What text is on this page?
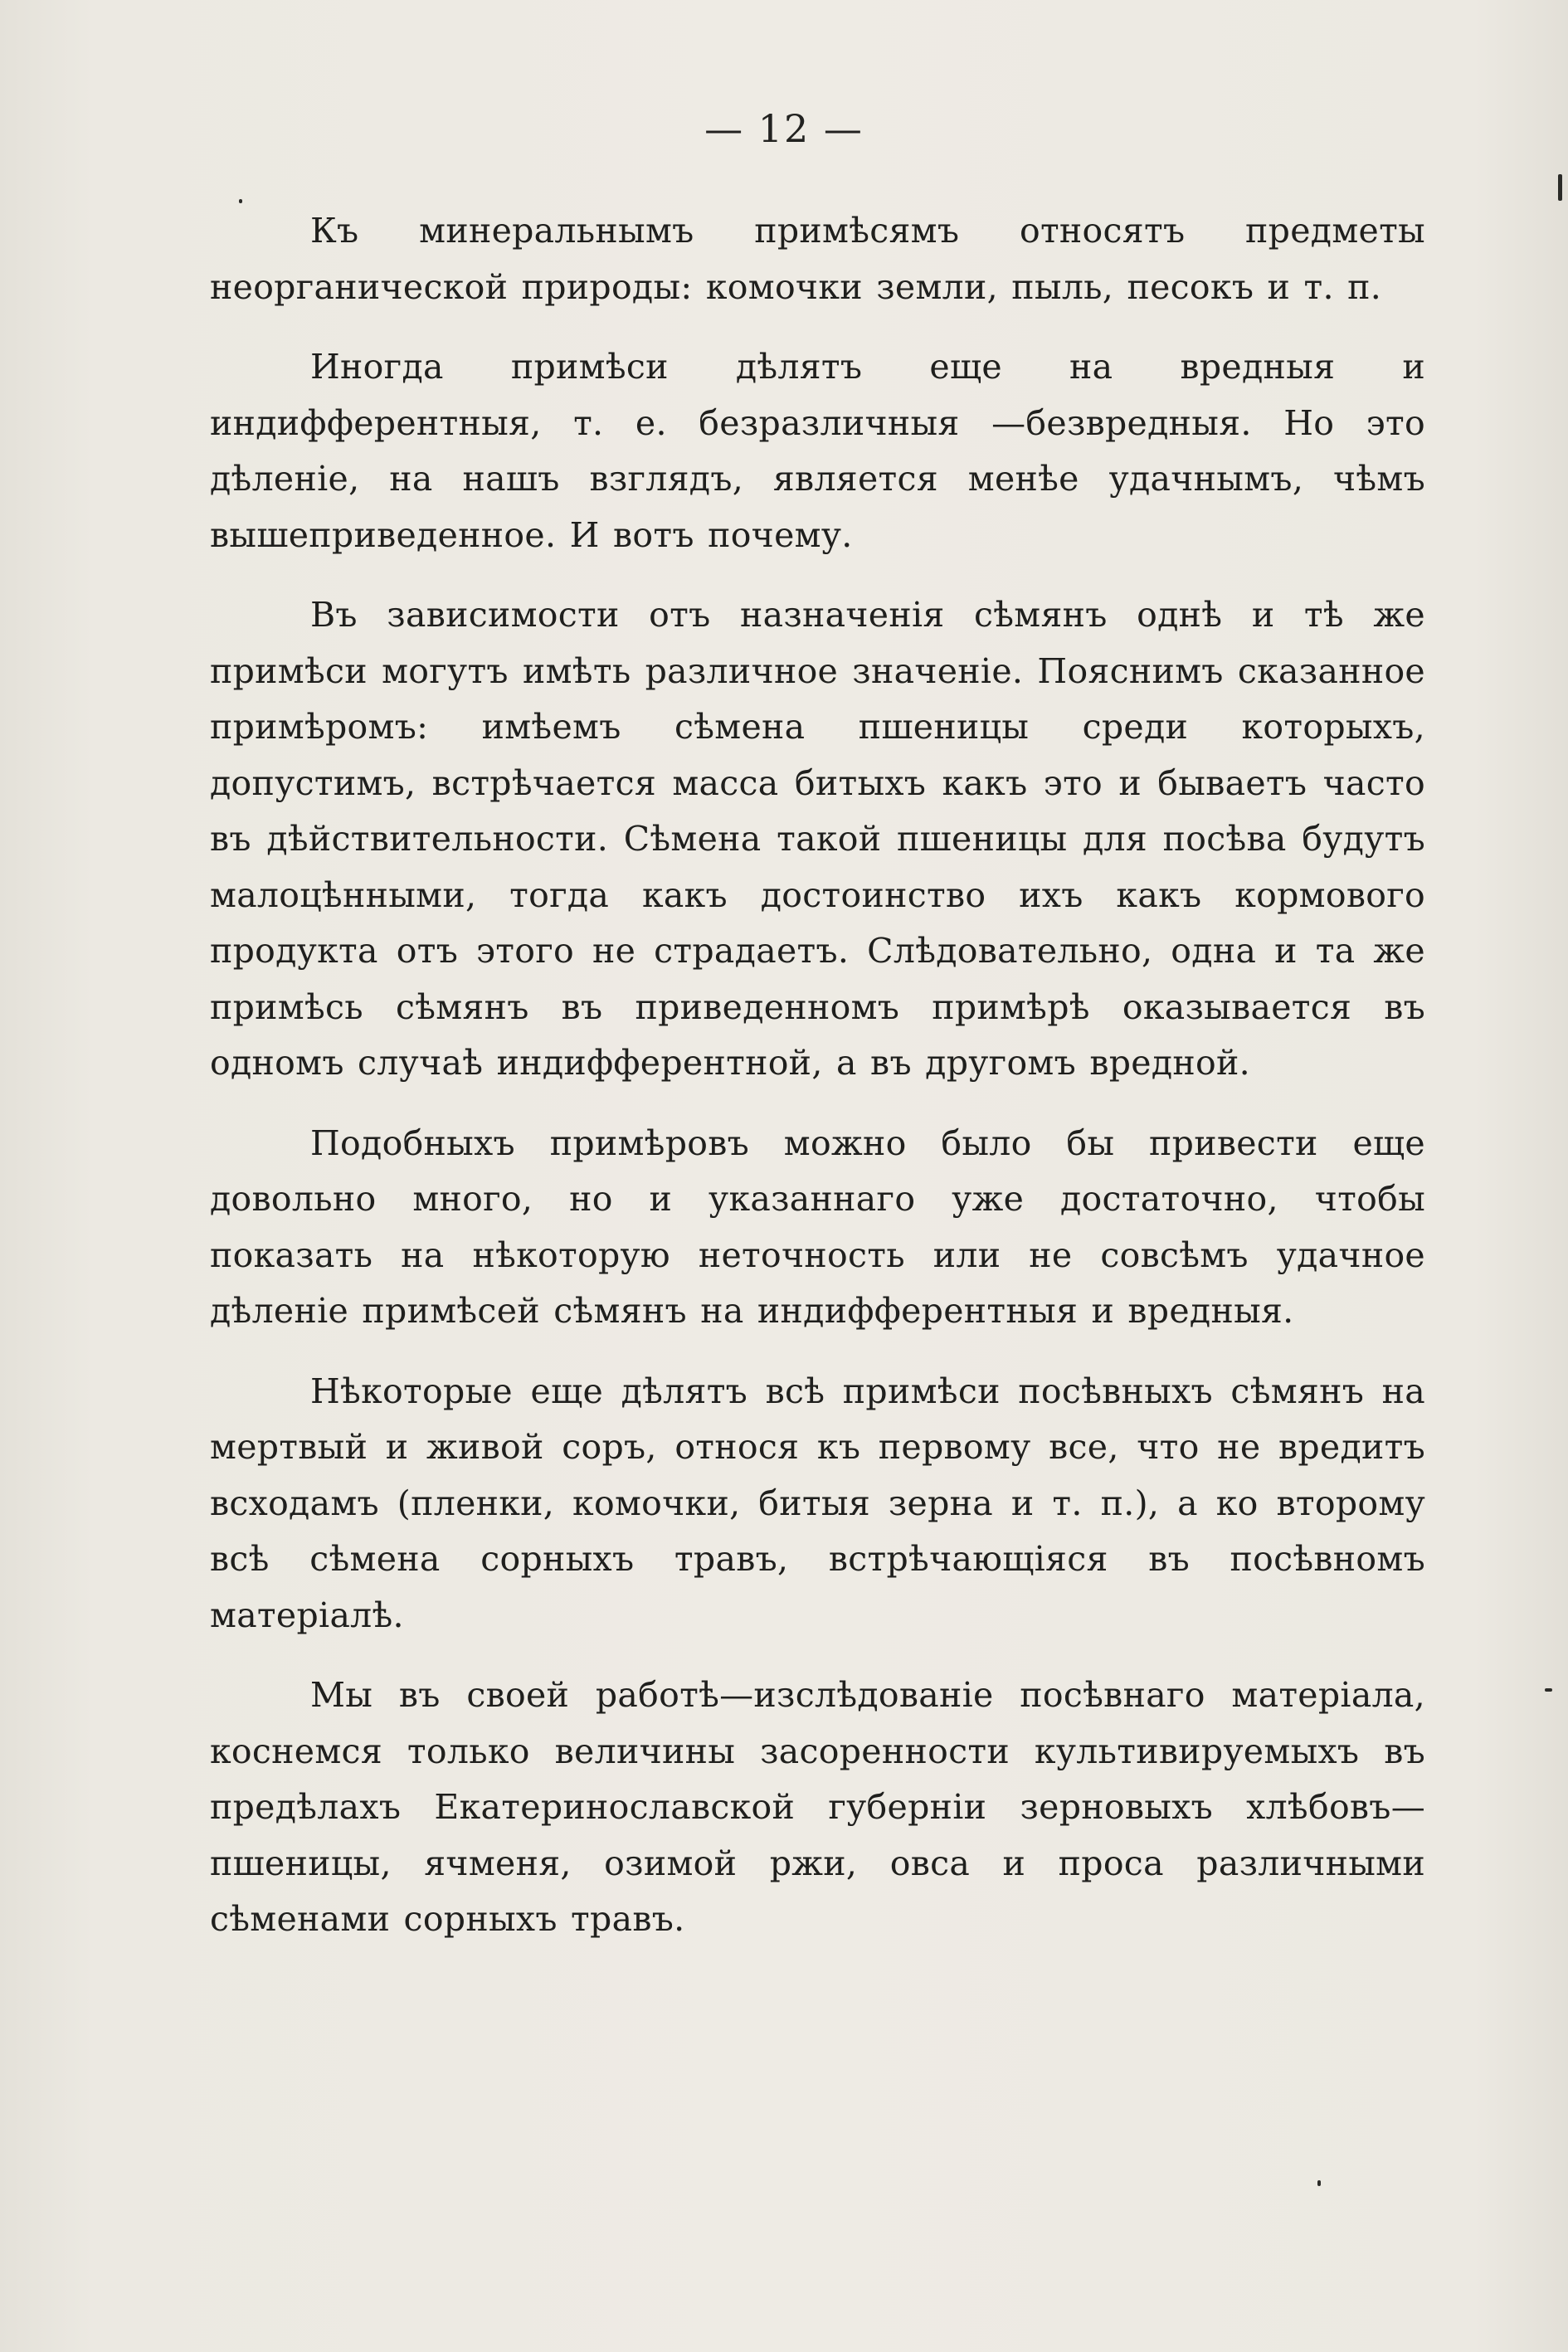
— 12 —

Къ минеральнымъ примѣсямъ относятъ предметы неорганической природы: комочки земли, пыль, песокъ и т. п.

Иногда примѣси дѣлятъ еще на вредныя и индифферентныя, т. е. безразличныя —безвредныя. Но это дѣленіе, на нашъ взглядъ, является менѣе удачнымъ, чѣмъ вышеприведенное. И вотъ почему.

Въ зависимости отъ назначенія сѣмянъ однѣ и тѣ же примѣси могутъ имѣть различное значеніе. Пояснимъ сказанное примѣромъ: имѣемъ сѣмена пшеницы среди которыхъ, допустимъ, встрѣчается масса битыхъ какъ это и бываетъ часто въ дѣйствительности. Сѣмена такой пшеницы для посѣва будутъ малоцѣнными, тогда какъ достоинство ихъ какъ кормового продукта отъ этого не страдаетъ. Слѣдовательно, одна и та же примѣсь сѣмянъ въ приведенномъ примѣрѣ оказывается въ одномъ случаѣ индифферентной, а въ другомъ вредной.

Подобныхъ примѣровъ можно было бы привести еще довольно много, но и указаннаго уже достаточно, чтобы показать на нѣкоторую неточность или не совсѣмъ удачное дѣленіе примѣсей сѣмянъ на индифферентныя и вредныя.

Нѣкоторые еще дѣлятъ всѣ примѣси посѣвныхъ сѣмянъ на мертвый и живой соръ, относя къ первому все, что не вредитъ всходамъ (пленки, комочки, битыя зерна и т. п.), а ко второму всѣ сѣмена сорныхъ травъ, встрѣчающіяся въ посѣвномъ матеріалѣ.

Мы въ своей работѣ—изслѣдованіе посѣвнаго матеріала, коснемся только величины засоренности культивируемыхъ въ предѣлахъ Екатеринославской губерніи зерновыхъ хлѣбовъ—пшеницы, ячменя, озимой ржи, овса и проса различными сѣменами сорныхъ травъ.
